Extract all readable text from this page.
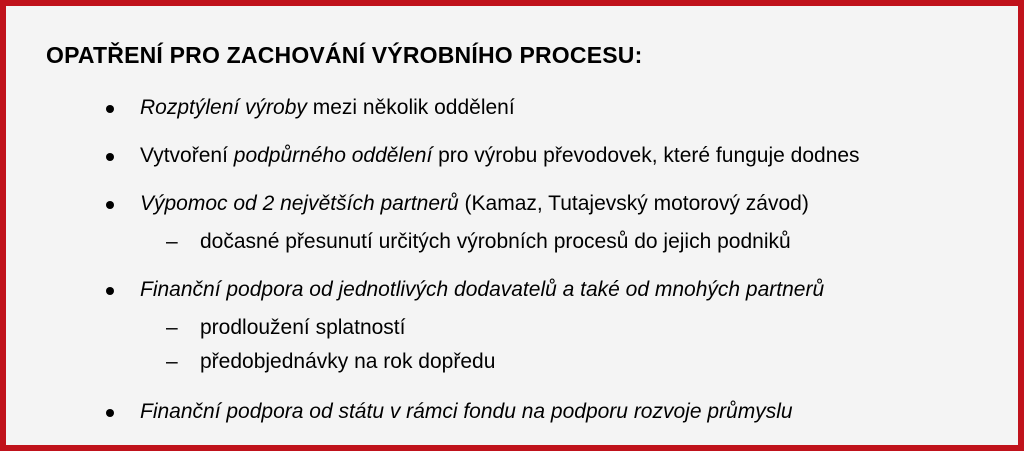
OPATŘENÍ PRO ZACHOVÁNÍ VÝROBNÍHO PROCESU:
Rozptýlení výroby mezi několik oddělení
Vytvoření podpůrného oddělení pro výrobu převodovek, které funguje dodnes
Výpomoc od 2 největších partnerů (Kamaz, Tutajevský motorový závod)
– dočasné přesunutí určitých výrobních procesů do jejich podniků
Finanční podpora od jednotlivých dodavatelů a také od mnohých partnerů
– prodloužení splatností
– předobjednávky na rok dopředu
Finanční podpora od státu v rámci fondu na podporu rozvoje průmyslu
